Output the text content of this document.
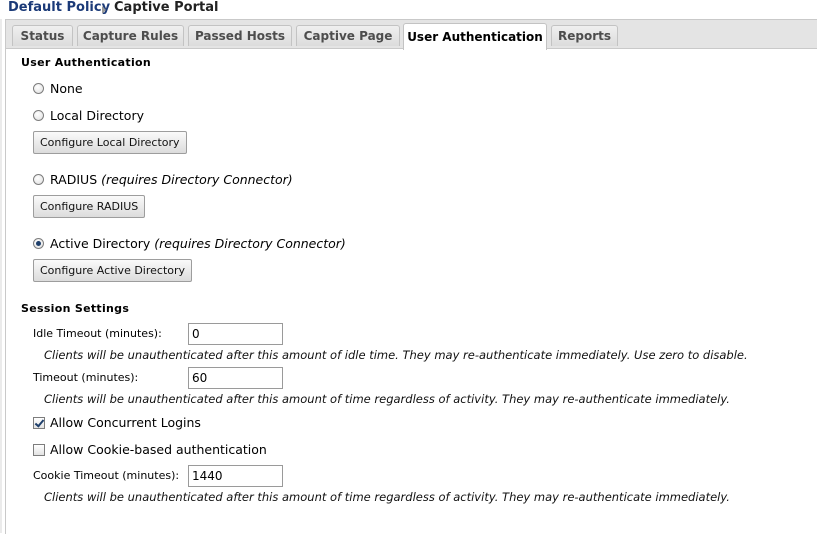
Default Policy Captive Portal
Status	Capture Rules	Passed Hosts	Captive Page	User Authentication	Reports
User Authentication
None
Local Directory
Configure Local Directory
RADIUS (requires Directory Connector)
Configure RADIUS
Active Directory (requires Directory Connector)
Configure Active Directory
Session Settings
Idle Timeout (minutes):
0
Clients will be unauthenticated after this amount of idle time. They may re-authenticate immediately. Use zero to disable.
Timeout (minutes):
60
Clients will be unauthenticated after this amount of time regardless of activity. They may re-authenticate immediately.
Allow Concurrent Logins
Allow Cookie-based authentication
Cookie Timeout (minutes):
1440
Clients will be unauthenticated after this amount of time regardless of activity. They may re-authenticate immediately.
